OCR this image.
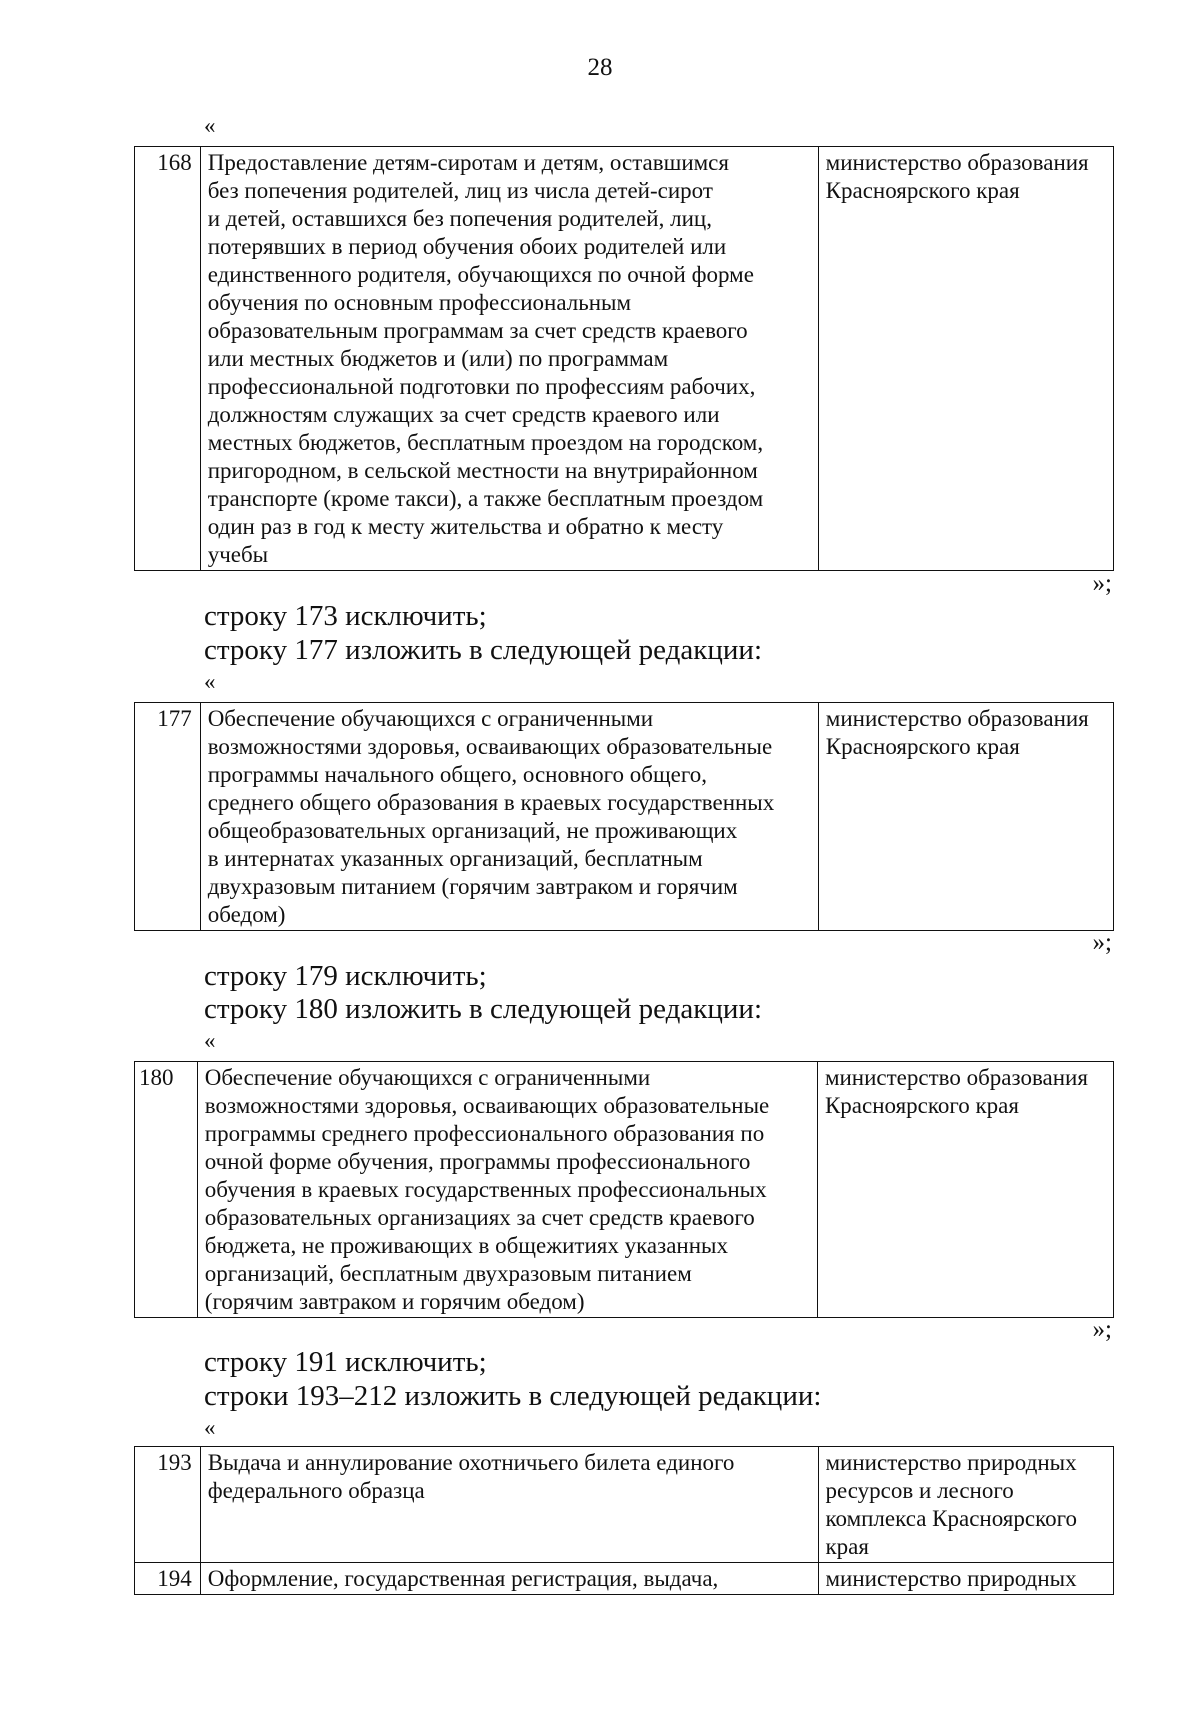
28
«
168	Предоставление детям-сиротам и детям, оставшимся
без попечения родителей, лиц из числа детей-сирот
и детей, оставшихся без попечения родителей, лиц,
потерявших в период обучения обоих родителей или
единственного родителя, обучающихся по очной форме
обучения по основным профессиональным
образовательным программам за счет средств краевого
или местных бюджетов и (или) по программам
профессиональной подготовки по профессиям рабочих,
должностям служащих за счет средств краевого или
местных бюджетов, бесплатным проездом на городском,
пригородном, в сельской местности на внутрирайонном
транспорте (кроме такси), а также бесплатным проездом
один раз в год к месту жительства и обратно к месту
учебы	министерство образования
Красноярского края
»;
строку 173 исключить;
строку 177 изложить в следующей редакции:
«
177	Обеспечение обучающихся с ограниченными
возможностями здоровья, осваивающих образовательные
программы начального общего, основного общего,
среднего общего образования в краевых государственных
общеобразовательных организаций, не проживающих
в интернатах указанных организаций, бесплатным
двухразовым питанием (горячим завтраком и горячим
обедом)	министерство образования
Красноярского края
»;
строку 179 исключить;
строку 180 изложить в следующей редакции:
«
180	Обеспечение обучающихся с ограниченными
возможностями здоровья, осваивающих образовательные
программы среднего профессионального образования по
очной форме обучения, программы профессионального
обучения в краевых государственных профессиональных
образовательных организациях за счет средств краевого
бюджета, не проживающих в общежитиях указанных
организаций, бесплатным двухразовым питанием
(горячим завтраком и горячим обедом)	министерство образования
Красноярского края
»;
строку 191 исключить;
строки 193–212 изложить в следующей редакции:
«
193	Выдача и аннулирование охотничьего билета единого
федерального образца	министерство природных
ресурсов и лесного
комплекса Красноярского
края
194	Оформление, государственная регистрация, выдача,	министерство природных
